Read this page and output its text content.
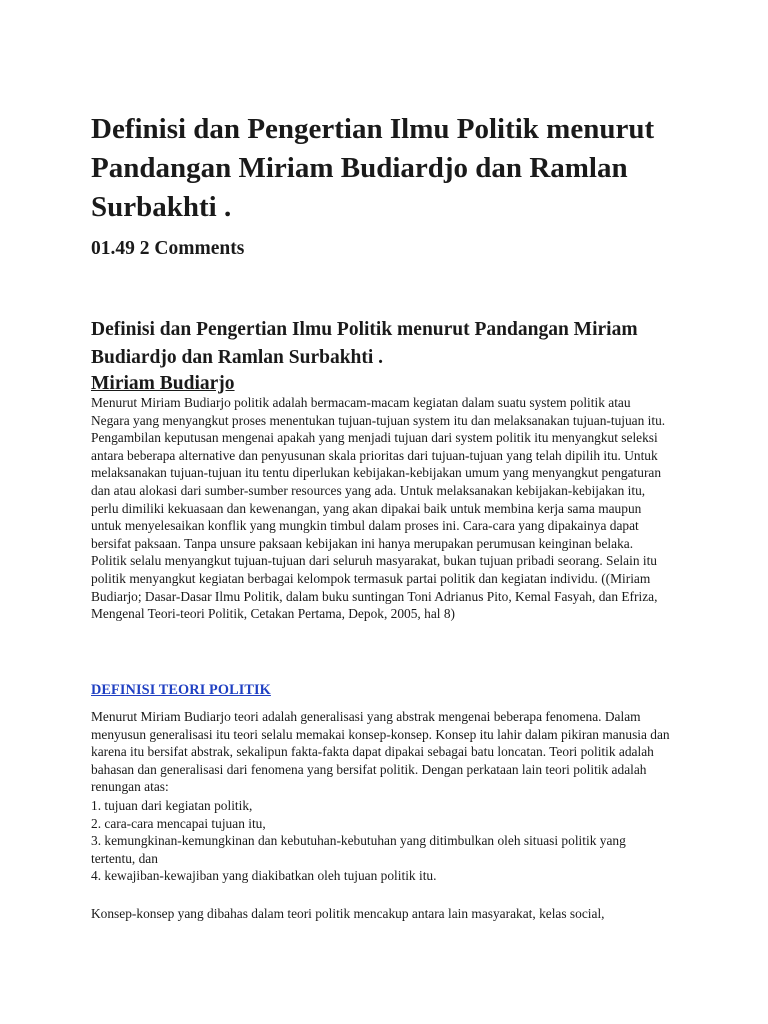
Definisi dan Pengertian Ilmu Politik menurut Pandangan Miriam Budiardjo dan Ramlan Surbakhti .
01.49 2 Comments
Definisi dan Pengertian Ilmu Politik menurut Pandangan Miriam Budiardjo dan Ramlan Surbakhti .
Miriam Budiarjo

Menurut Miriam Budiarjo politik adalah bermacam-macam kegiatan dalam suatu system politik atau Negara yang menyangkut proses menentukan tujuan-tujuan system itu dan melaksanakan tujuan-tujuan itu. Pengambilan keputusan mengenai apakah yang menjadi tujuan dari system politik itu menyangkut seleksi antara beberapa alternative dan penyusunan skala prioritas dari tujuan-tujuan yang telah dipilih itu. Untuk melaksanakan tujuan-tujuan itu tentu diperlukan kebijakan-kebijakan umum yang menyangkut pengaturan dan atau alokasi dari sumber-sumber resources yang ada. Untuk melaksanakan kebijakan-kebijakan itu, perlu dimiliki kekuasaan dan kewenangan, yang akan dipakai baik untuk membina kerja sama maupun untuk menyelesaikan konflik yang mungkin timbul dalam proses ini. Cara-cara yang dipakainya dapat bersifat paksaan. Tanpa unsure paksaan kebijakan ini hanya merupakan perumusan keinginan belaka. Politik selalu menyangkut tujuan-tujuan dari seluruh masyarakat, bukan tujuan pribadi seorang. Selain itu politik menyangkut kegiatan berbagai kelompok termasuk partai politik dan kegiatan individu. ((Miriam Budiarjo; Dasar-Dasar Ilmu Politik, dalam buku suntingan Toni Adrianus Pito, Kemal Fasyah, dan Efriza, Mengenal Teori-teori Politik, Cetakan Pertama, Depok, 2005, hal 8)

DEFINISI TEORI POLITIK

Menurut Miriam Budiarjo teori adalah generalisasi yang abstrak mengenai beberapa fenomena. Dalam menyusun generalisasi itu teori selalu memakai konsep-konsep. Konsep itu lahir dalam pikiran manusia dan karena itu bersifat abstrak, sekalipun fakta-fakta dapat dipakai sebagai batu loncatan. Teori politik adalah bahasan dan generalisasi dari fenomena yang bersifat politik. Dengan perkataan lain teori politik adalah renungan atas:

1. tujuan dari kegiatan politik,
2. cara-cara mencapai tujuan itu,
3. kemungkinan-kemungkinan dan kebutuhan-kebutuhan yang ditimbulkan oleh situasi politik yang tertentu, dan
4. kewajiban-kewajiban yang diakibatkan oleh tujuan politik itu.

Konsep-konsep yang dibahas dalam teori politik mencakup antara lain masyarakat, kelas social,
